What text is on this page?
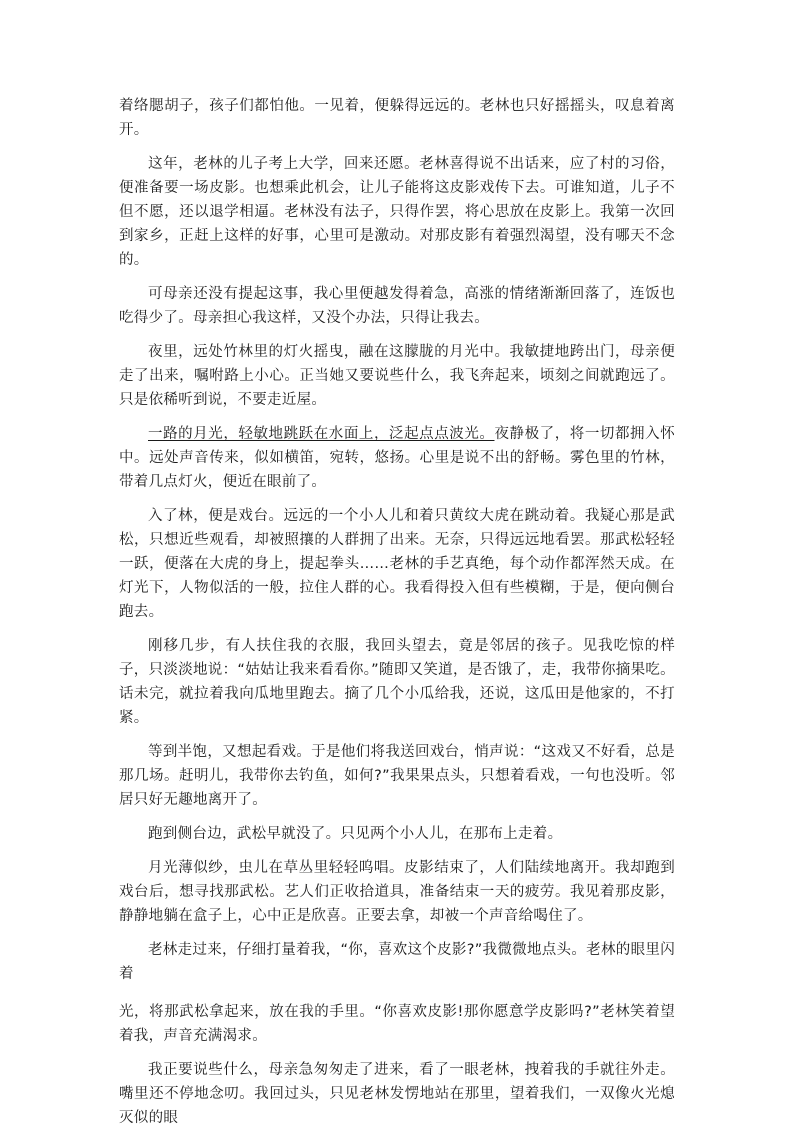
着络腮胡子，孩子们都怕他。一见着，便躲得远远的。老林也只好摇摇头，叹息着离开。

这年，老林的儿子考上大学，回来还愿。老林喜得说不出话来，应了村的习俗，便准备要一场皮影。也想乘此机会，让儿子能将这皮影戏传下去。可谁知道，儿子不但不愿，还以退学相逼。老林没有法子，只得作罢，将心思放在皮影上。我第一次回到家乡，正赶上这样的好事，心里可是激动。对那皮影有着强烈渴望，没有哪天不念的。

可母亲还没有提起这事，我心里便越发得着急，高涨的情绪渐渐回落了，连饭也吃得少了。母亲担心我这样，又没个办法，只得让我去。

夜里，远处竹林里的灯火摇曳，融在这朦胧的月光中。我敏捷地跨出门，母亲便走了出来，嘱咐路上小心。正当她又要说些什么，我飞奔起来，顷刻之间就跑远了。只是依稀听到说，不要走近屋。

一路的月光，轻敏地跳跃在水面上，泛起点点波光。夜静极了，将一切都拥入怀中。远处声音传来，似如横笛，宛转，悠扬。心里是说不出的舒畅。雾色里的竹林，带着几点灯火，便近在眼前了。

入了林，便是戏台。远远的一个小人儿和着只黄纹大虎在跳动着。我疑心那是武松，只想近些观看，却被照攘的人群拥了出来。无奈，只得远远地看罢。那武松轻轻一跃，便落在大虎的身上，提起拳头……老林的手艺真绝，每个动作都浑然天成。在灯光下，人物似活的一般，拉住人群的心。我看得投入但有些模糊，于是，便向侧台跑去。

刚移几步，有人扶住我的衣服，我回头望去，竟是邻居的孩子。见我吃惊的样子，只淡淡地说：“姑姑让我来看看你。”随即又笑道，是否饿了，走，我带你摘果吃。话未完，就拉着我向瓜地里跑去。摘了几个小瓜给我，还说，这瓜田是他家的，不打紧。

等到半饱，又想起看戏。于是他们将我送回戏台，悄声说：“这戏又不好看，总是那几场。赶明儿，我带你去钓鱼，如何?”我果果点头，只想着看戏，一句也没听。邻居只好无趣地离开了。

跑到侧台边，武松早就没了。只见两个小人儿，在那布上走着。

月光薄似纱，虫儿在草丛里轻轻呜唱。皮影结束了，人们陆续地离开。我却跑到戏台后，想寻找那武松。艺人们正收拾道具，准备结束一天的疲劳。我见着那皮影，静静地躺在盒子上，心中正是欣喜。正要去拿，却被一个声音给喝住了。

老林走过来，仔细打量着我，“你，喜欢这个皮影?”我微微地点头。老林的眼里闪着

光，将那武松拿起来，放在我的手里。“你喜欢皮影!那你愿意学皮影吗?”老林笑着望着我，声音充满渴求。

我正要说些什么，母亲急匆匆走了进来，看了一眼老林，拽着我的手就往外走。嘴里还不停地念叨。我回过头，只见老林发愣地站在那里，望着我们，一双像火光熄灭似的眼
